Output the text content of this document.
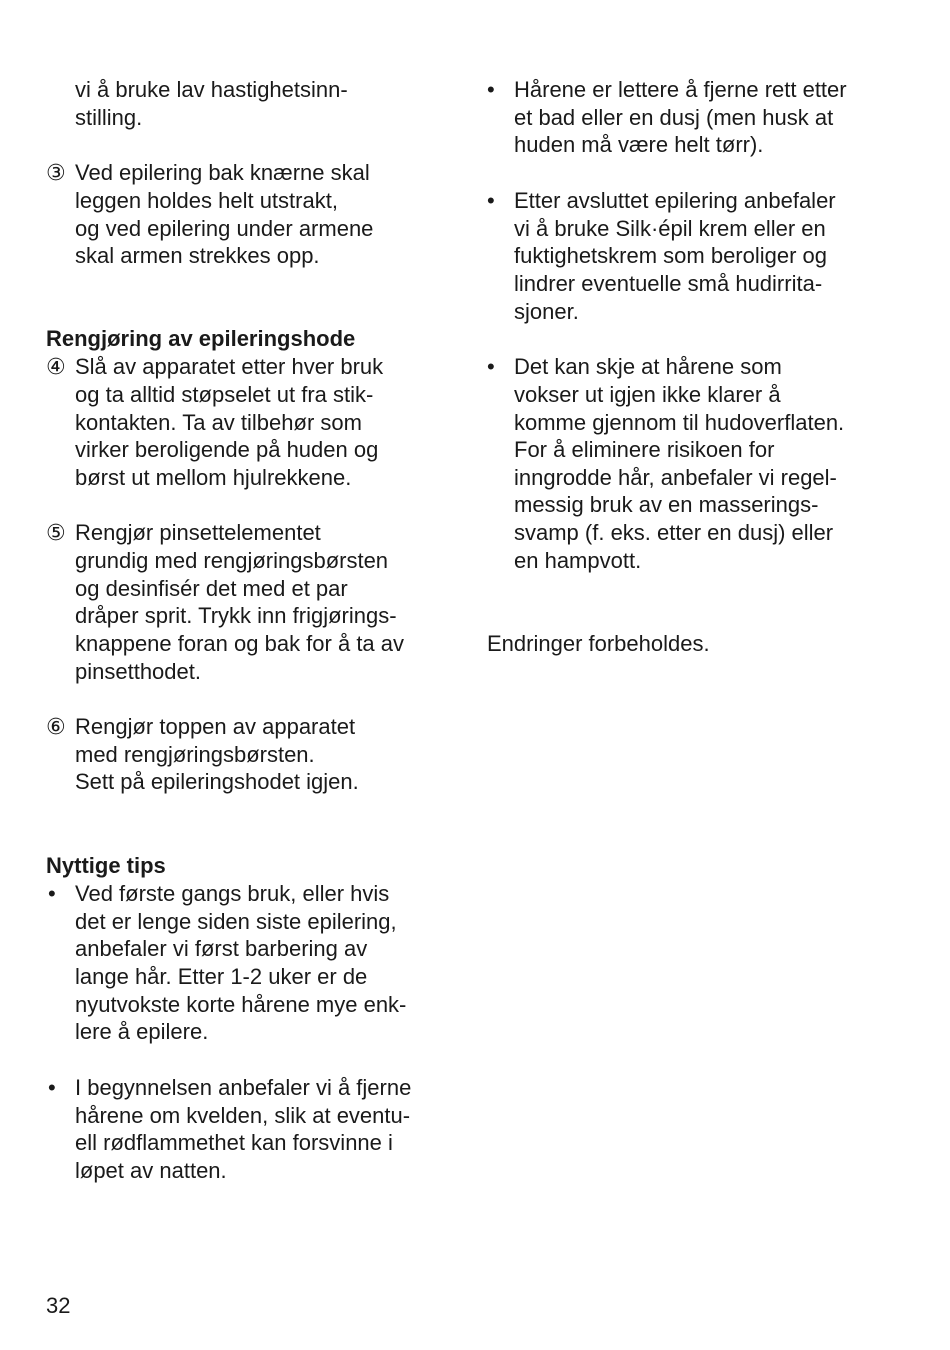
vi å bruke lav hastighetsinn-
stilling.
③ Ved epilering bak knærne skal
leggen holdes helt utstrakt,
og ved epilering under armene
skal armen strekkes opp.
Rengjøring av epileringshode
④ Slå av apparatet etter hver bruk
og ta alltid støpselet ut fra stik-
kontakten. Ta av tilbehør som
virker beroligende på huden og
børst ut mellom hjulrekkene.
⑤ Rengjør pinsettelementet
grundig med rengjøringsbørsten
og desinfisér det med et par
dråper sprit. Trykk inn frigjørings-
knappene foran og bak for å ta av
pinsetthodet.
⑥ Rengjør toppen av apparatet
med rengjøringsbørsten.
Sett på epileringshodet igjen.
Nyttige tips
• Ved første gangs bruk, eller hvis
det er lenge siden siste epilering,
anbefaler vi først barbering av
lange hår. Etter 1-2 uker er de
nyutvokste korte hårene mye enk-
lere å epilere.
• I begynnelsen anbefaler vi å fjerne
hårene om kvelden, slik at eventu-
ell rødflammethet kan forsvinne i
løpet av natten.
• Hårene er lettere å fjerne rett etter
et bad eller en dusj (men husk at
huden må være helt tørr).
• Etter avsluttet epilering anbefaler
vi å bruke Silk·épil krem eller en
fuktighetskrem som beroliger og
lindrer eventuelle små hudirrita-
sjoner.
• Det kan skje at hårene som
vokser ut igjen ikke klarer å
komme gjennom til hudoverflaten.
For å eliminere risikoen for
inngrodde hår, anbefaler vi regel-
messig bruk av en masserings-
svamp (f. eks. etter en dusj) eller
en hampvott.
Endringer forbeholdes.
32
